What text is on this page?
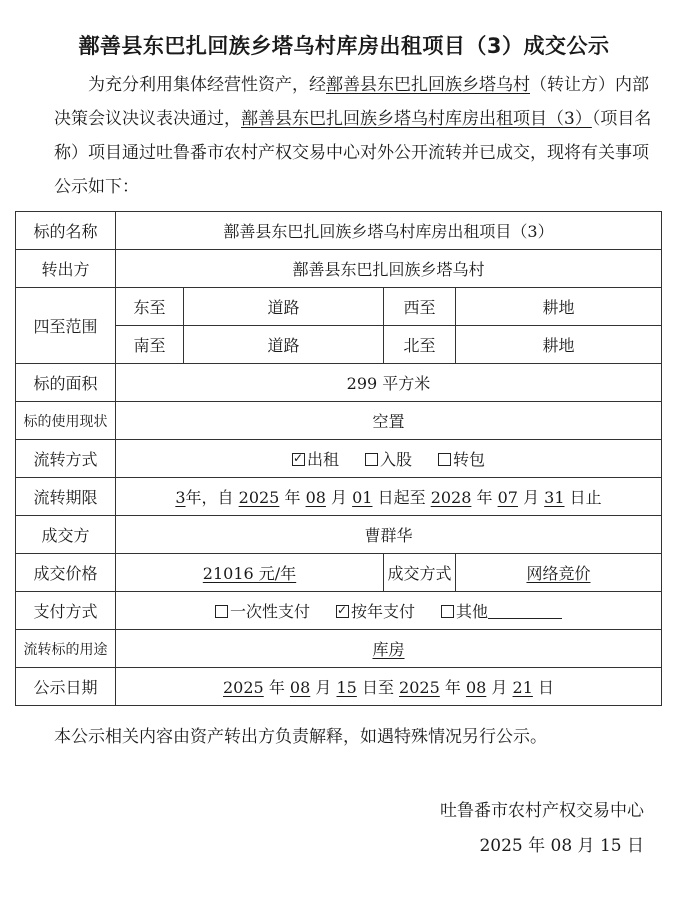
鄯善县东巴扎回族乡塔乌村库房出租项目（3）成交公示
为充分利用集体经营性资产，经鄯善县东巴扎回族乡塔乌村（转让方）内部决策会议决议表决通过，鄯善县东巴扎回族乡塔乌村库房出租项目（3）（项目名称）项目通过吐鲁番市农村产权交易中心对外公开流转并已成交，现将有关事项公示如下：
标的名称	鄯善县东巴扎回族乡塔乌村库房出租项目（3）			
转出方	鄯善县东巴扎回族乡塔乌村			
四至范围	东至	道路	西至	耕地
	南至	道路	北至	耕地
标的面积	299 平方米			
标的使用现状	空置			
流转方式	✓出租 入股 转包
流转期限	3年，自 2025 年 08 月 01 日起至 2028 年 07 月 31 日止			
成交方	曹群华			
成交价格	21016 元/年		成交方式	网络竞价
支付方式	一次性支付 ✓ 按年支付 其他
流转标的用途	库房			
公示日期	2025 年 08 月 15 日至 2025 年 08 月 21 日			
本公示相关内容由资产转出方负责解释，如遇特殊情况另行公示。
吐鲁番市农村产权交易中心
2025 年 08 月 15 日
